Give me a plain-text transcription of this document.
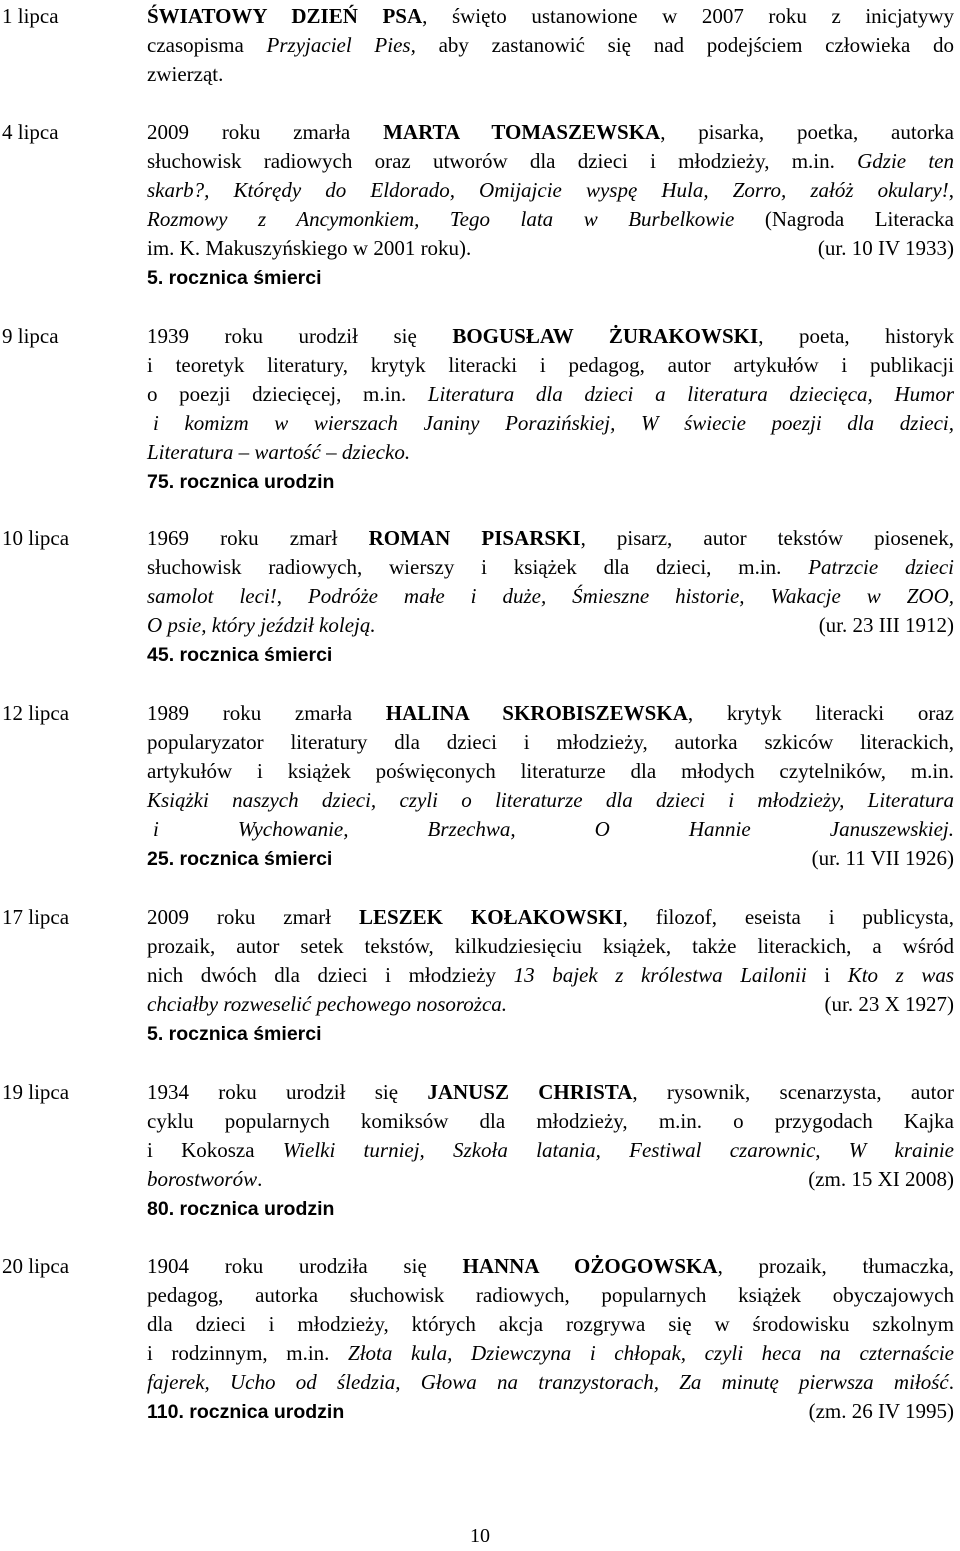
1 lipca	ŚWIATOWY DZIEŃ PSA, święto ustanowione w 2007 roku z inicjatywy
czasopisma Przyjaciel Pies, aby zastanowić się nad podejściem człowieka do
zwierząt.
4 lipca	2009 roku zmarła MARTA TOMASZEWSKA, pisarka, poetka, autorka
słuchowisk radiowych oraz utworów dla dzieci i młodzieży, m.in. Gdzie ten
skarb?, Którędy do Eldorado, Omijajcie wyspę Hula, Zorro, załóż okulary!,
Rozmowy z Ancymonkiem, Tego lata w Burbelkowie (Nagroda Literacka
im. K. Makuszyńskiego w 2001 roku).	(ur. 10 IV 1933)
5. rocznica śmierci
9 lipca	1939 roku urodził się BOGUSŁAW ŻURAKOWSKI, poeta, historyk
i teoretyk literatury, krytyk literacki i pedagog, autor artykułów i publikacji
o poezji dziecięcej, m.in. Literatura dla dzieci a literatura dziecięca, Humor
i komizm w wierszach Janiny Porazińskiej, W świecie poezji dla dzieci,
Literatura – wartość – dziecko.
75. rocznica urodzin
10 lipca	1969 roku zmarł ROMAN PISARSKI, pisarz, autor tekstów piosenek,
słuchowisk radiowych, wierszy i książek dla dzieci, m.in. Patrzcie dzieci
samolot leci!, Podróże małe i duże, Śmieszne historie, Wakacje w ZOO,
O psie, który jeździł koleją.	(ur. 23 III 1912)
45. rocznica śmierci
12 lipca	1989 roku zmarła HALINA SKROBISZEWSKA, krytyk literacki oraz
popularyzator literatury dla dzieci i młodzieży, autorka szkiców literackich,
artykułów i książek poświęconych literaturze dla młodych czytelników, m.in.
Książki naszych dzieci, czyli o literaturze dla dzieci i młodzieży, Literatura
i Wychowanie, Brzechwa, O Hannie Januszewskiej.
25. rocznica śmierci	(ur. 11 VII 1926)
17 lipca	2009 roku zmarł LESZEK KOŁAKOWSKI, filozof, eseista i publicysta,
prozaik, autor setek tekstów, kilkudziesięciu książek, także literackich, a wśród
nich dwóch dla dzieci i młodzieży 13 bajek z królestwa Lailonii i Kto z was
chciałby rozweselić pechowego nosorożca.	(ur. 23 X 1927)
5. rocznica śmierci
19 lipca	1934 roku urodził się JANUSZ CHRISTA, rysownik, scenarzysta, autor
cyklu popularnych komiksów dla młodzieży, m.in. o przygodach Kajka
i Kokosza Wielki turniej, Szkoła latania, Festiwal czarownic, W krainie
borostworów.	(zm. 15 XI 2008)
80. rocznica urodzin
20 lipca	1904 roku urodziła się HANNA OŻOGOWSKA, prozaik, tłumaczka,
pedagog, autorka słuchowisk radiowych, popularnych książek obyczajowych
dla dzieci i młodzieży, których akcja rozgrywa się w środowisku szkolnym
i rodzinnym, m.in. Złota kula, Dziewczyna i chłopak, czyli heca na czternaście
fajerek, Ucho od śledzia, Głowa na tranzystorach, Za minutę pierwsza miłość.
110. rocznica urodzin	(zm. 26 IV 1995)
10
